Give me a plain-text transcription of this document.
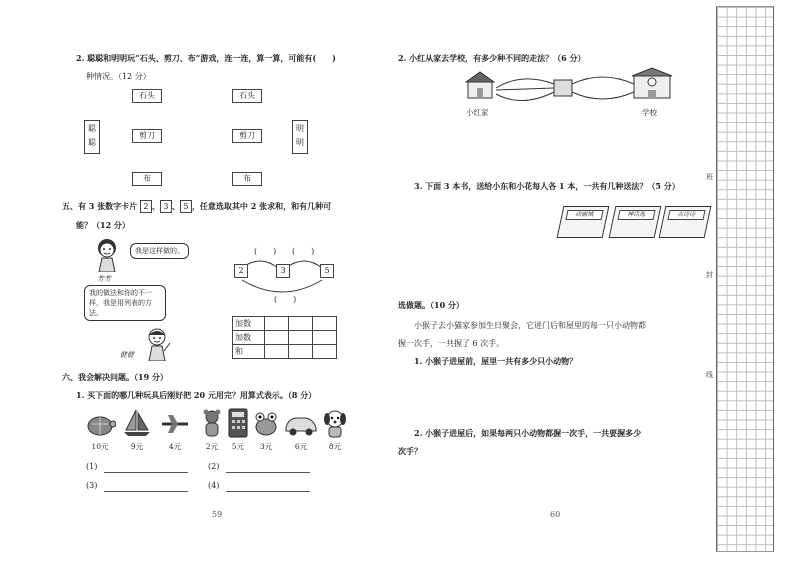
2. 聪聪和明明玩“石头、剪刀、布”游戏，连一连，算一算，可能有(　　)
种情况。（12 分）
石头
剪刀
布
石头
剪刀
布
聪
聪
明
明
五、有 3 张数字卡片 2 、 3 、 5 ，任意选取其中 2 张求和，和有几种可
能？（12 分）
我是这样做的。
芳芳
我的做法和你的不一样，我是用列表的方法。
健健
(　　) (　　)
2	3	5
(　　)
加数			
加数			
和			
六、我会解决问题。（19 分）
1. 买下面的哪几种玩具后刚好把 20 元用完？用算式表示。（8 分）
10元	9元	4元	2元	5元	3元	6元	8元
(1)	(2)
(3)	(4)
59
2. 小红从家去学校，有多少种不同的走法？（6 分）
小红家	学校
3. 下面 3 本书，送给小东和小花每人各 1 本，一共有几种送法？（5 分）
动画城	神话选	古诗诗
选做题。（10 分）
小猴子去小猫家参加生日聚会，它进门后和屋里的每一只小动物都
握一次手，一共握了 6 次手。
1. 小猴子进屋前，屋里一共有多少只小动物？
2. 小猴子进屋后，如果每两只小动物都握一次手，一共要握多少
次手？
60
班
封
线
